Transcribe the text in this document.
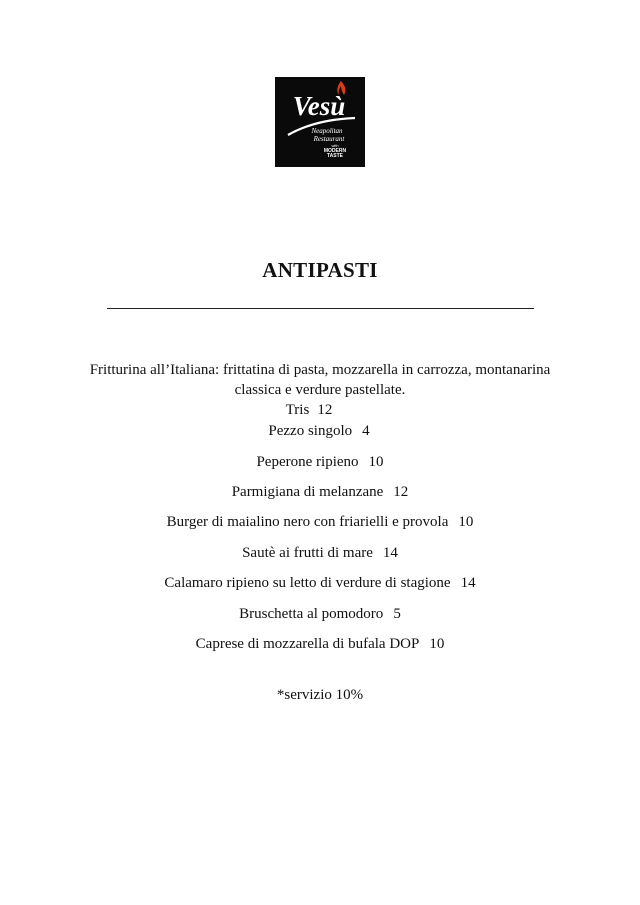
Vesù
Neapolitan
Restaurant
with
MODERN
TASTE
ANTIPASTI
Fritturina all’Italiana: frittatina di pasta, mozzarella in carrozza, montanarina
classica e verdure pastellate.
Tris 12
Pezzo singolo 4
Peperone ripieno 10
Parmigiana di melanzane 12
Burger di maialino nero con friarielli e provola 10
Sautè ai frutti di mare 14
Calamaro ripieno su letto di verdure di stagione 14
Bruschetta al pomodoro 5
Caprese di mozzarella di bufala DOP 10
*servizio 10%
